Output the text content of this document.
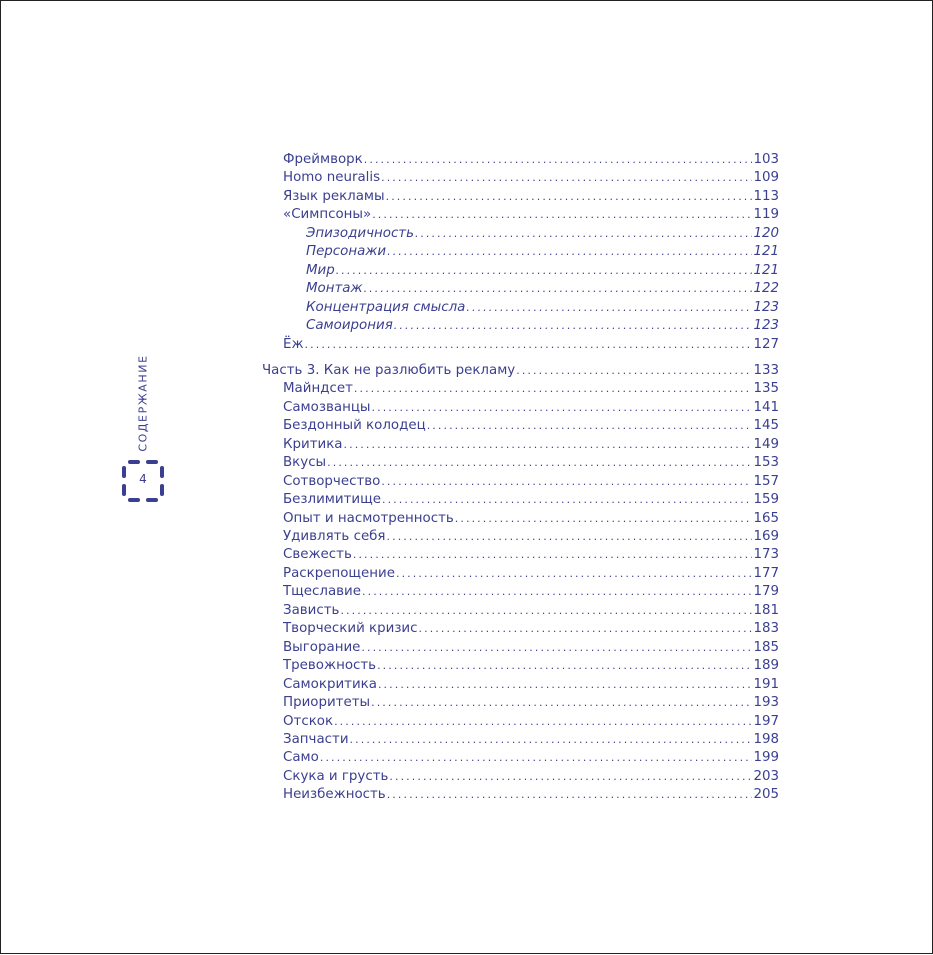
СОДЕРЖАНИЕ
4
Фреймворк .....	103
Homo neuralis .....	109
Язык рекламы .....	113
«Симпсоны» .....	119
Эпизодичность .....	120
Персонажи .....	121
Мир .....	121
Монтаж .....	122
Концентрация смысла .....	123
Самоирония .....	123
Ёж .....	127
Часть 3. Как не разлюбить рекламу .....	133
Майндсет .....	135
Самозванцы .....	141
Бездонный колодец .....	145
Критика .....	149
Вкусы .....	153
Сотворчество .....	157
Безлимитище .....	159
Опыт и насмотренность .....	165
Удивлять себя .....	169
Свежесть .....	173
Раскрепощение .....	177
Тщеславие .....	179
Зависть .....	181
Творческий кризис .....	183
Выгорание .....	185
Тревожность .....	189
Самокритика .....	191
Приоритеты .....	193
Отскок .....	197
Запчасти .....	198
Само .....	199
Скука и грусть .....	203
Неизбежность .....	205
